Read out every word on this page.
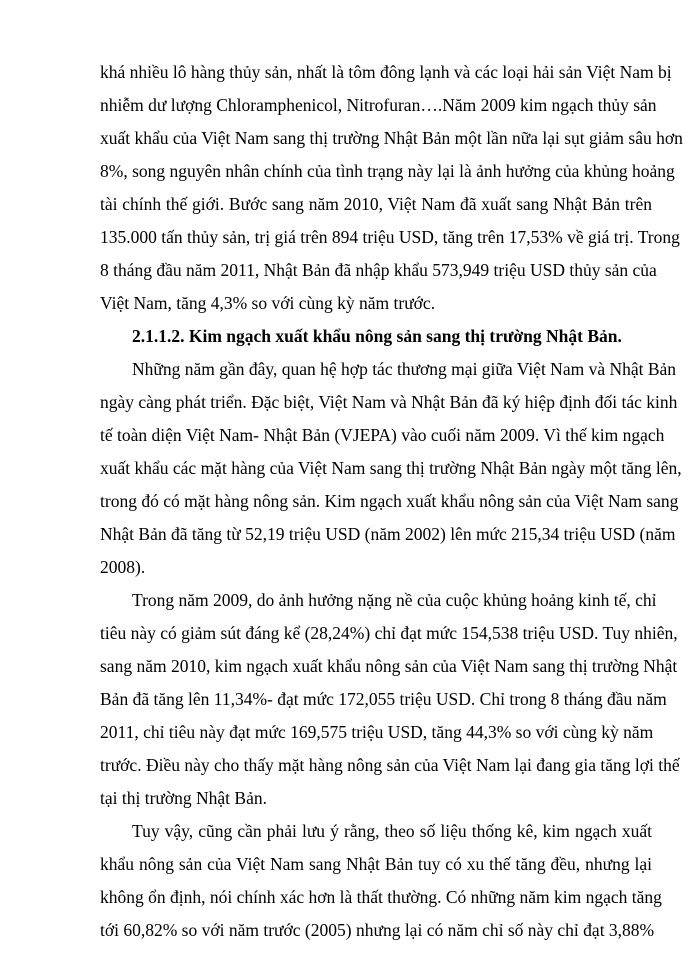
khá nhiều lô hàng thủy sản, nhất là tôm đông lạnh và các loại hải sản Việt Nam bị
nhiễm dư lượng Chloramphenicol, Nitrofuran….Năm 2009 kim ngạch thủy sản
xuất khẩu của Việt Nam sang thị trường Nhật Bản một lần nữa lại sụt giảm sâu hơn
8%, song nguyên nhân chính của tình trạng này lại là ảnh hưởng của khủng hoảng
tài chính thế giới. Bước sang năm 2010, Việt Nam đã xuất sang Nhật Bản trên
135.000 tấn thủy sản, trị giá trên 894 triệu USD, tăng trên 17,53% về giá trị. Trong
8 tháng đầu năm 2011, Nhật Bản đã nhập khẩu 573,949 triệu USD thủy sản của
Việt Nam, tăng 4,3% so với cùng kỳ năm trước.
2.1.1.2. Kim ngạch xuất khẩu nông sản sang thị trường Nhật Bản.
Những năm gần đây, quan hệ hợp tác thương mại giữa Việt Nam và Nhật Bản
ngày càng phát triển. Đặc biệt, Việt Nam và Nhật Bản đã ký hiệp định đối tác kinh
tế toàn diện Việt Nam- Nhật Bản (VJEPA) vào cuối năm 2009. Vì thế kim ngạch
xuất khẩu các mặt hàng của Việt Nam sang thị trường Nhật Bản ngày một tăng lên,
trong đó có mặt hàng nông sản. Kim ngạch xuất khẩu nông sản của Việt Nam sang
Nhật Bản đã tăng từ 52,19 triệu USD (năm 2002) lên mức 215,34 triệu USD (năm
2008).
Trong năm 2009, do ảnh hưởng nặng nề của cuộc khủng hoảng kinh tế, chỉ
tiêu này có giảm sút đáng kể (28,24%) chỉ đạt mức 154,538 triệu USD. Tuy nhiên,
sang năm 2010, kim ngạch xuất khẩu nông sản của Việt Nam sang thị trường Nhật
Bản đã tăng lên 11,34%- đạt mức 172,055 triệu USD. Chỉ trong 8 tháng đầu năm
2011, chỉ tiêu này đạt mức 169,575 triệu USD, tăng 44,3% so với cùng kỳ năm
trước. Điều này cho thấy mặt hàng nông sản của Việt Nam lại đang gia tăng lợi thế
tại thị trường Nhật Bản.
Tuy vậy, cũng cần phải lưu ý rằng, theo số liệu thống kê, kim ngạch xuất
khẩu nông sản của Việt Nam sang Nhật Bản tuy có xu thế tăng đều, nhưng lại
không ổn định, nói chính xác hơn là thất thường. Có những năm kim ngạch tăng
tới 60,82% so với năm trước (2005) nhưng lại có năm chỉ số này chỉ đạt 3,88%
